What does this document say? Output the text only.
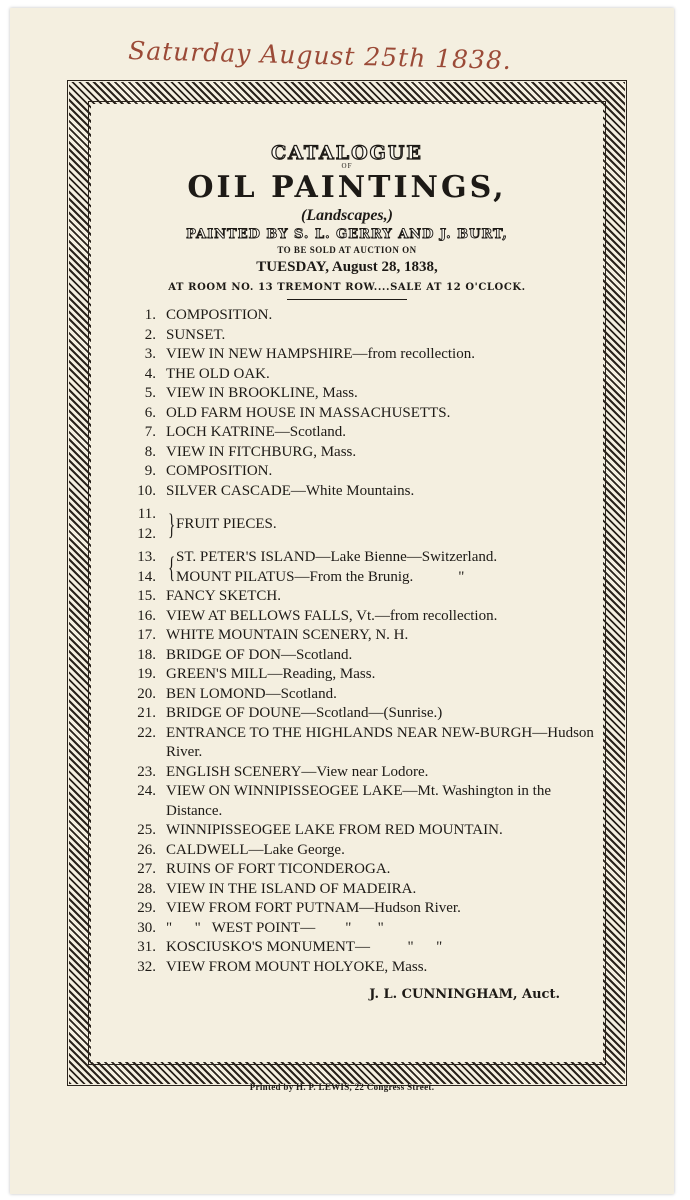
Saturday August 25th 1838.
CATALOGUE
OF
OIL PAINTINGS,
(Landscapes,)
PAINTED BY S. L. GERRY AND J. BURT,
TO BE SOLD AT AUCTION ON
TUESDAY, August 28, 1838,
AT ROOM NO. 13 TREMONT ROW....SALE AT 12 O'CLOCK.
1. COMPOSITION.
2. SUNSET.
3. VIEW IN NEW HAMPSHIRE—from recollection.
4. THE OLD OAK.
5. VIEW IN BROOKLINE, Mass.
6. OLD FARM HOUSE IN MASSACHUSETTS.
7. LOCH KATRINE—Scotland.
8. VIEW IN FITCHBURG, Mass.
9. COMPOSITION.
10. SILVER CASCADE—White Mountains.
11.
12. } FRUIT PIECES.
13.
14. { ST. PETER'S ISLAND—Lake Bienne—Switzerland.
MOUNT PILATUS—From the Brunig.            "
15. FANCY SKETCH.
16. VIEW AT BELLOWS FALLS, Vt.—from recollection.
17. WHITE MOUNTAIN SCENERY, N. H.
18. BRIDGE OF DON—Scotland.
19. GREEN'S MILL—Reading, Mass.
20. BEN LOMOND—Scotland.
21. BRIDGE OF DOUNE—Scotland—(Sunrise.)
22. ENTRANCE TO THE HIGHLANDS NEAR NEW-BURGH—Hudson River.
23. ENGLISH SCENERY—View near Lodore.
24. VIEW ON WINNIPISSEOGEE LAKE—Mt. Washington in the Distance.
25. WINNIPISSEOGEE LAKE FROM RED MOUNTAIN.
26. CALDWELL—Lake George.
27. RUINS OF FORT TICONDEROGA.
28. VIEW IN THE ISLAND OF MADEIRA.
29. VIEW FROM FORT PUTNAM—Hudson River.
30. "      "   WEST POINT—        "       "
31. KOSCIUSKO'S MONUMENT—          "      "
32. VIEW FROM MOUNT HOLYOKE, Mass.
J. L. CUNNINGHAM, Auct.
Printed by H. P. LEWIS, 22 Congress Street.
